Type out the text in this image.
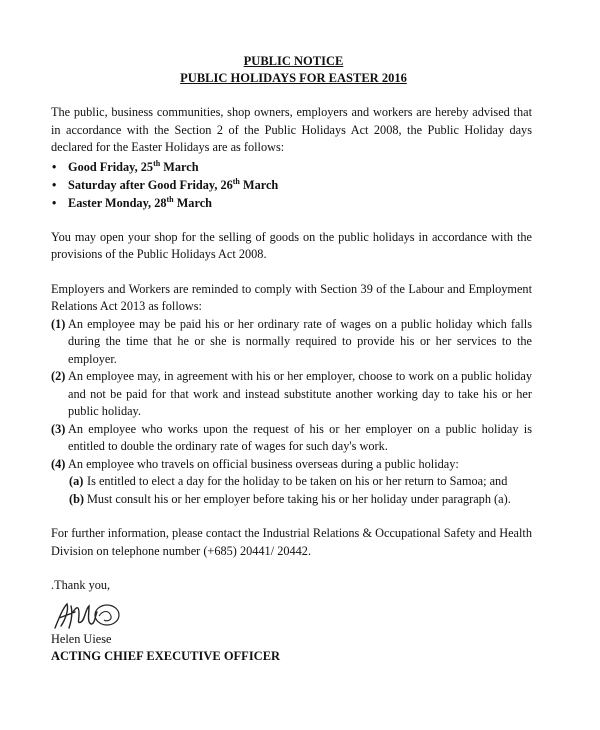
PUBLIC NOTICE
PUBLIC HOLIDAYS FOR EASTER 2016

The public, business communities, shop owners, employers and workers are hereby advised that in accordance with the Section 2 of the Public Holidays Act 2008, the Public Holiday days declared for the Easter Holidays are as follows:

• Good Friday, 25th March
• Saturday after Good Friday, 26th March
• Easter Monday, 28th March

You may open your shop for the selling of goods on the public holidays in accordance with the provisions of the Public Holidays Act 2008.

Employers and Workers are reminded to comply with Section 39 of the Labour and Employment Relations Act 2013 as follows:

(1) An employee may be paid his or her ordinary rate of wages on a public holiday which falls during the time that he or she is normally required to provide his or her services to the employer.
(2) An employee may, in agreement with his or her employer, choose to work on a public holiday and not be paid for that work and instead substitute another working day to take his or her public holiday.
(3) An employee who works upon the request of his or her employer on a public holiday is entitled to double the ordinary rate of wages for such day's work.
(4) An employee who travels on official business overseas during a public holiday:
(a) Is entitled to elect a day for the holiday to be taken on his or her return to Samoa; and
(b) Must consult his or her employer before taking his or her holiday under paragraph (a).

For further information, please contact the Industrial Relations & Occupational Safety and Health Division on telephone number (+685) 20441/ 20442.

.Thank you,
Helen Uiese
ACTING CHIEF EXECUTIVE OFFICER
